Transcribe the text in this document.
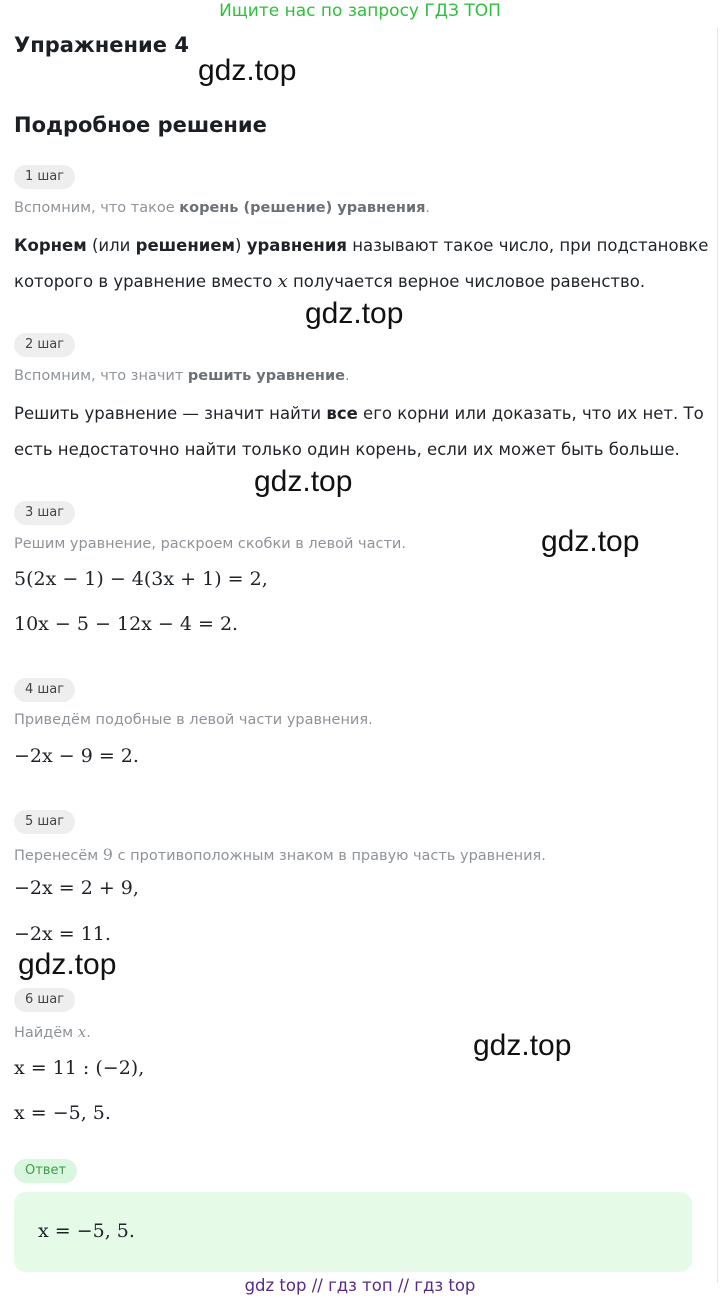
Ищите нас по запросу ГДЗ ТОП
Упражнение 4
gdz.top
Подробное решение
1 шаг
Вспомним, что такое корень (решение) уравнения.
Корнем (или решением) уравнения называют такое число, при подстановке
которого в уравнение вместо x получается верное числовое равенство.
gdz.top
2 шаг
Вспомним, что значит решить уравнение.
Решить уравнение — значит найти все его корни или доказать, что их нет. То
есть недостаточно найти только один корень, если их может быть больше.
gdz.top
3 шаг
Решим уравнение, раскроем скобки в левой части.	gdz.top
5(2x − 1) − 4(3x + 1) = 2,
10x − 5 − 12x − 4 = 2.
4 шаг
Приведём подобные в левой части уравнения.
−2x − 9 = 2.
5 шаг
Перенесём 9 с противоположным знаком в правую часть уравнения.
−2x = 2 + 9,
−2x = 11.
gdz.top
6 шаг
Найдём x.	gdz.top
x = 11 : (−2),
x = −5, 5.
Ответ
x = −5, 5.
gdz top // гдз топ // гдз top
